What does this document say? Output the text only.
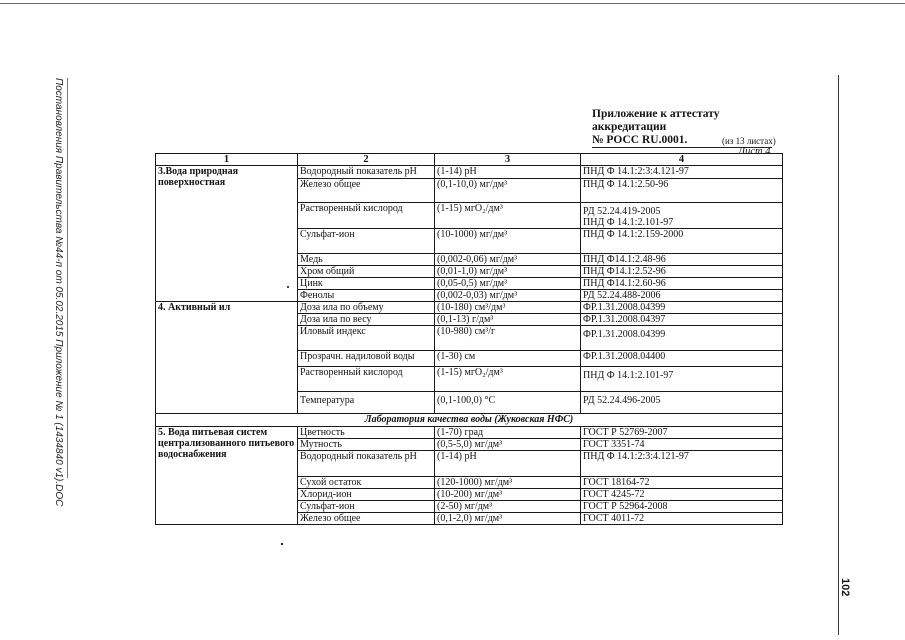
Постановления Правительства №44-п от 05.02.2015 Приложение № 1 (1434840 v1).DOC
102
Приложение к аттестату аккредитации
№ РОСС RU.0001.	(из 13 листах)
Лист 4
1	2	3	4
3.Вода природная поверхностная	Водородный показатель рН	(1-14) рН	ПНД Ф 14.1:2:3:4.121-97
	Железо общее	(0,1-10,0) мг/дм³	ПНД Ф 14.1:2.50-96
	Растворенный кислород	(1-15) мгО₂/дм³	РД 52.24.419-2005
ПНД Ф 14.1:2.101-97
	Сульфат-ион	(10-1000) мг/дм³	ПНД Ф 14.1:2.159-2000
	Медь	(0,002-0,06) мг/дм³	ПНД Ф14.1:2.48-96
	Хром общий	(0,01-1,0) мг/дм³	ПНД Ф14.1:2.52-96
	Цинк	(0,05-0,5) мг/дм³	ПНД Ф14.1:2.60-96
	Фенолы	(0,002-0,03) мг/дм³	РД 52.24.488-2006
4. Активный ил	Доза ила по объему	(10-180) см³/дм³	ФР.1.31.2008.04399
	Доза ила по весу	(0,1-13) г/дм³	ФР.1.31.2008.04397
	Иловый индекс	(10-980) см³/г	ФР.1.31.2008.04399
	Прозрачн. надиловой воды	(1-30) см	ФР.1.31.2008.04400
	Растворенный кислород	(1-15) мгО₂/дм³	ПНД Ф 14.1:2.101-97
	Температура	(0,1-100,0) °С	РД 52.24.496-2005
Лаборатория качества воды (Жуковская НФС)			
5. Вода питьевая систем централизованного питьевого водоснабжения	Цветность	(1-70) град	ГОСТ Р 52769-2007
	Мутность	(0,5-5,0) мг/дм³	ГОСТ 3351-74
	Водородный показатель рН	(1-14) рН	ПНД Ф 14.1:2:3:4.121-97
	Сухой остаток	(120-1000) мг/дм³	ГОСТ 18164-72
	Хлорид-ион	(10-200) мг/дм³	ГОСТ 4245-72
	Сульфат-ион	(2-50) мг/дм³	ГОСТ Р 52964-2008
	Железо общее	(0,1-2,0) мг/дм³	ГОСТ 4011-72
